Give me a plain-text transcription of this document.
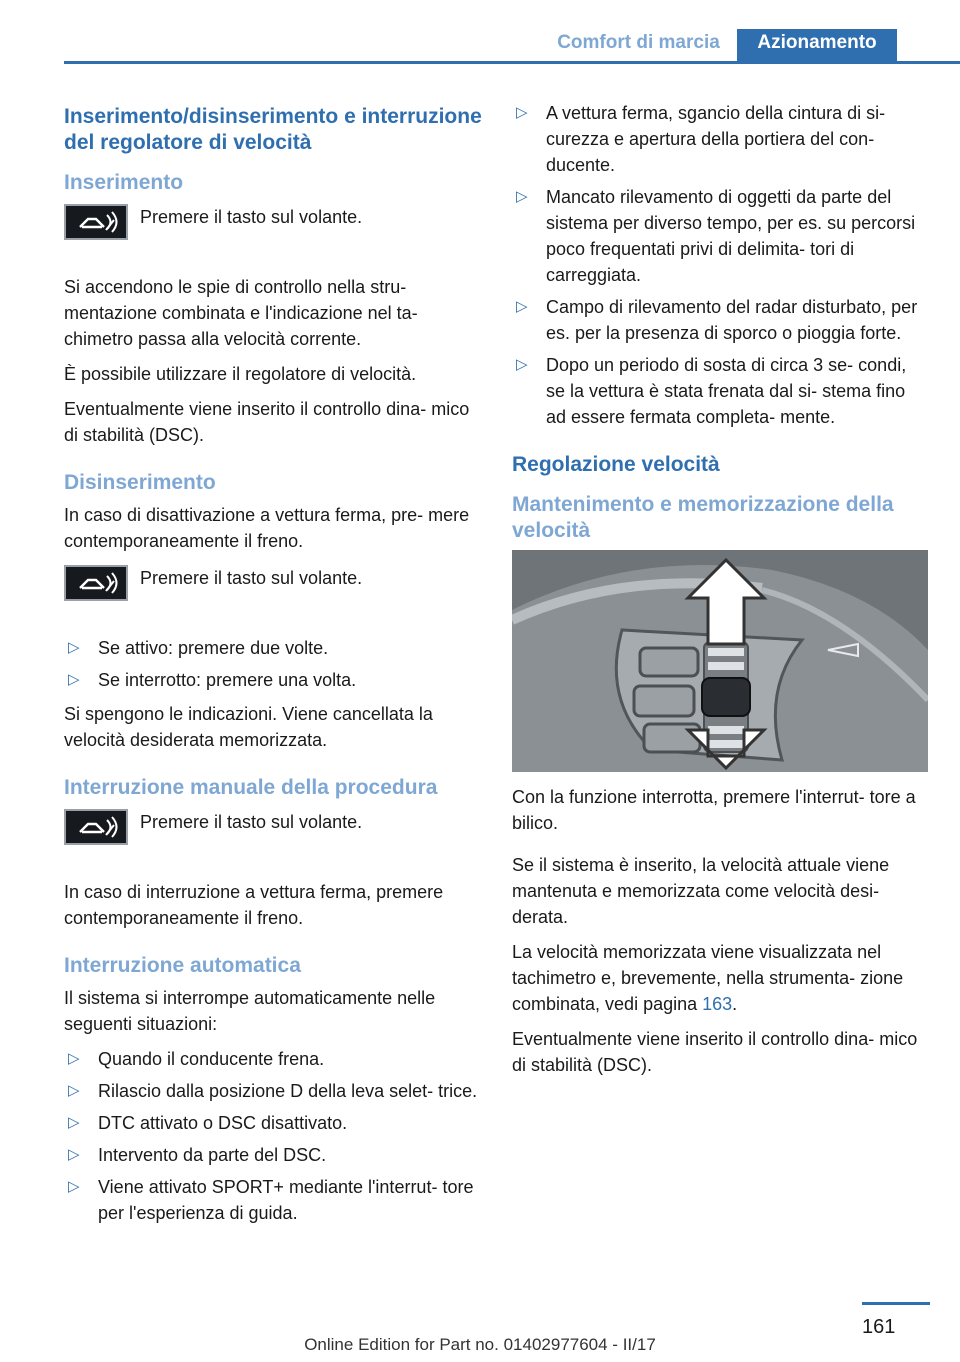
Comfort di marcia	Azionamento
Inserimento/disinserimento e interruzione del regolatore di velocità
Inserimento

Premere il tasto sul volante.

Si accendono le spie di controllo nella stru‐ mentazione combinata e l'indicazione nel ta‐ chimetro passa alla velocità corrente.

È possibile utilizzare il regolatore di velocità.

Eventualmente viene inserito il controllo dina‐ mico di stabilità (DSC).

Disinserimento

In caso di disattivazione a vettura ferma, pre‐ mere contemporaneamente il freno.

Premere il tasto sul volante.

▷ Se attivo: premere due volte.
▷ Se interrotto: premere una volta.

Si spengono le indicazioni. Viene cancellata la velocità desiderata memorizzata.

Interruzione manuale della procedura

Premere il tasto sul volante.

In caso di interruzione a vettura ferma, premere contemporaneamente il freno.

Interruzione automatica

Il sistema si interrompe automaticamente nelle seguenti situazioni:

▷ Quando il conducente frena.
▷ Rilascio dalla posizione D della leva selet‐ trice.
▷ DTC attivato o DSC disattivato.
▷ Intervento da parte del DSC.
▷ Viene attivato SPORT+ mediante l'interrut‐ tore per l'esperienza di guida.
▷ A vettura ferma, sgancio della cintura di si‐ curezza e apertura della portiera del con‐ ducente.
▷ Mancato rilevamento di oggetti da parte del sistema per diverso tempo, per es. su percorsi poco frequentati privi di delimita‐ tori di carreggiata.
▷ Campo di rilevamento del radar disturbato, per es. per la presenza di sporco o pioggia forte.
▷ Dopo un periodo di sosta di circa 3 se‐ condi, se la vettura è stata frenata dal si‐ stema fino ad essere fermata completa‐ mente.
Regolazione velocità
Mantenimento e memorizzazione della velocità

Con la funzione interrotta, premere l'interrut‐ tore a bilico.

Se il sistema è inserito, la velocità attuale viene mantenuta e memorizzata come velocità desi‐ derata.

La velocità memorizzata viene visualizzata nel tachimetro e, brevemente, nella strumenta‐ zione combinata, vedi pagina 163.

Eventualmente viene inserito il controllo dina‐ mico di stabilità (DSC).

161
Online Edition for Part no. 01402977604 - II/17
